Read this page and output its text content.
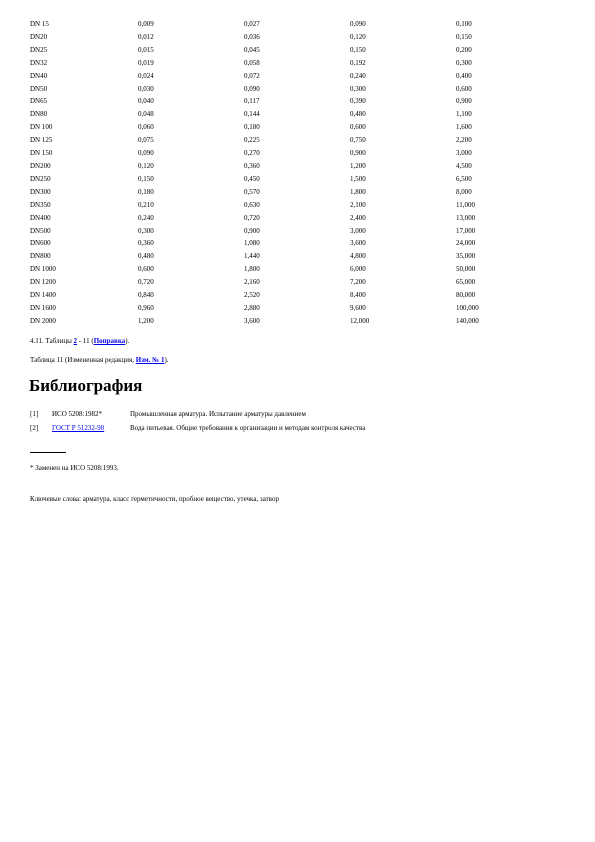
DN 15	0,009	0,027	0,090	0,100
DN20	0,012	0,036	0,120	0,150
DN25	0,015	0,045	0,150	0,200
DN32	0,019	0,058	0,192	0,300
DN40	0,024	0,072	0,240	0,400
DN50	0,030	0,090	0,300	0,600
DN65	0,040	0,117	0,390	0,900
DN80	0,048	0,144	0,480	1,100
DN 100	0,060	0,180	0,600	1,600
DN 125	0,075	0,225	0,750	2,200
DN 150	0,090	0,270	0,900	3,000
DN200	0,120	0,360	1,200	4,500
DN250	0,150	0,450	1,500	6,500
DN300	0,180	0,570	1,800	8,000
DN350	0,210	0,630	2,100	11,000
DN400	0,240	0,720	2,400	13,000
DN500	0,300	0,900	3,000	17,000
DN600	0,360	1,080	3,600	24,000
DN800	0,480	1,440	4,800	35,000
DN 1000	0,600	1,800	6,000	50,000
DN 1200	0,720	2,160	7,200	65,000
DN 1400	0,840	2,520	8,400	80,000
DN 1600	0,960	2,880	9,600	100,000
DN 2000	1,200	3,600	12,000	140,000
4.11. Таблицы 2 - 11 (Поправка).
Таблица 11 (Измененная редакция, Изм. № 1).
Библиография
[1] ИСО 5208:1982*	Промышленная арматура. Испытание арматуры давлением
[2] ГОСТ Р 51232-98	Вода питьевая. Общие требования к организации и методам контроля качества
* Заменен на ИСО 5208:1993.
Ключевые слова: арматура, класс герметичности, пробное вещество, утечка, затвор
